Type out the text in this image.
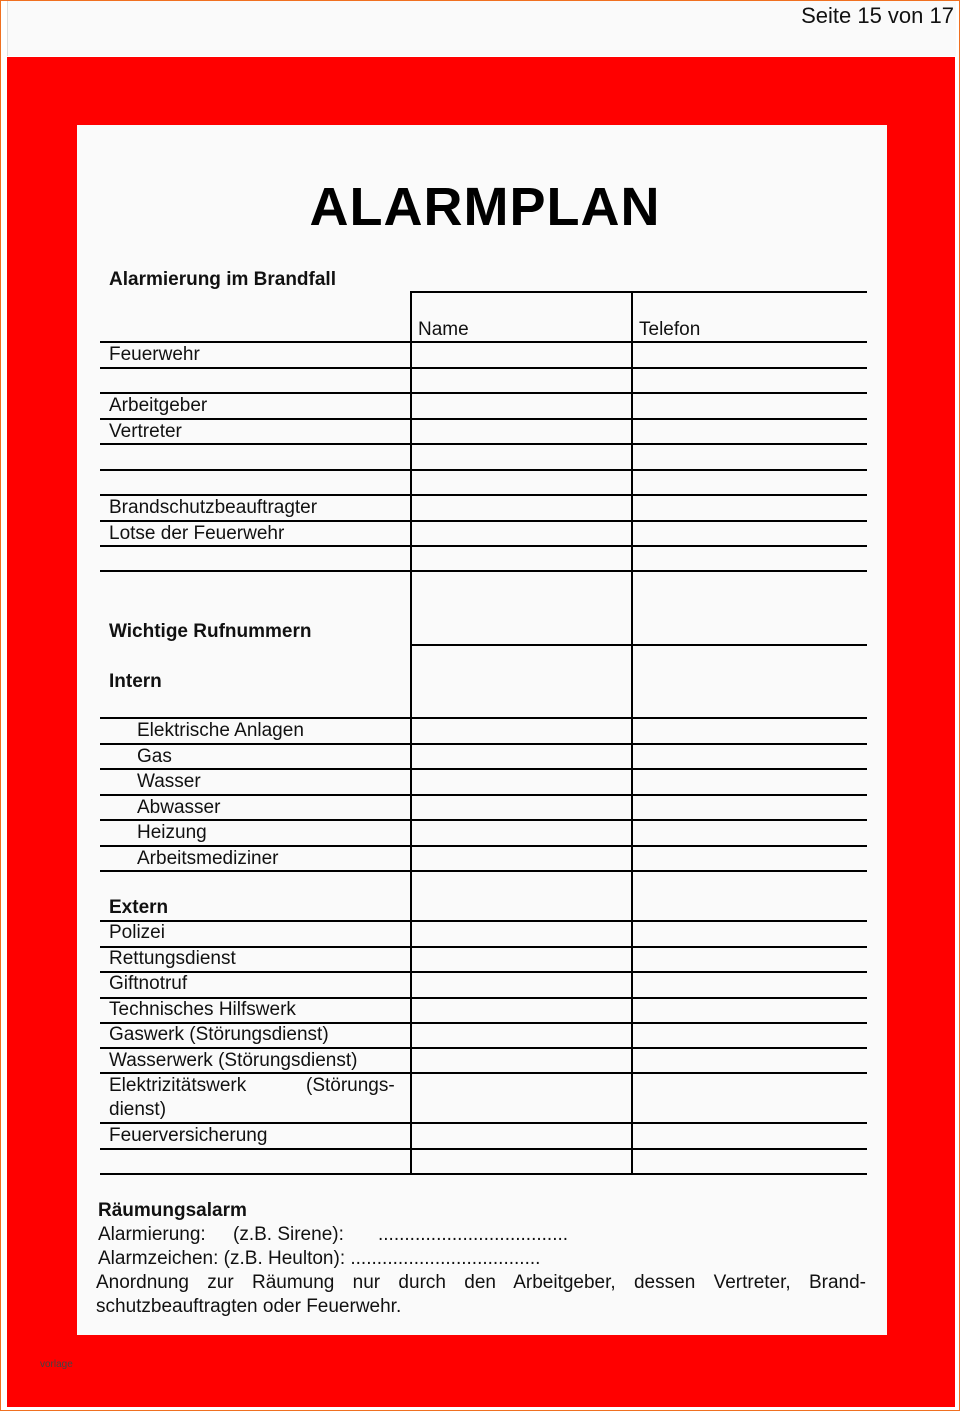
Seite 15 von 17
ALARMPLAN
Alarmierung im Brandfall
Name	Telefon
Feuerwehr
Arbeitgeber
Vertreter
Brandschutzbeauftragter
Lotse der Feuerwehr
Wichtige Rufnummern
Intern
Elektrische Anlagen
Gas
Wasser
Abwasser
Heizung
Arbeitsmediziner
Extern
Polizei
Rettungsdienst
Giftnotruf
Technisches Hilfswerk
Gaswerk (Störungsdienst)
Wasserwerk (Störungsdienst)
Elektrizitätswerk	(Störungs-
dienst)
Feuerversicherung
Räumungsalarm
Alarmierung: (z.B. Sirene): ....................................
Alarmzeichen: (z.B. Heulton): ....................................
Anordnung zur Räumung nur durch den Arbeitgeber, dessen Vertreter, Brand-
schutzbeauftragten oder Feuerwehr.
vorlage
